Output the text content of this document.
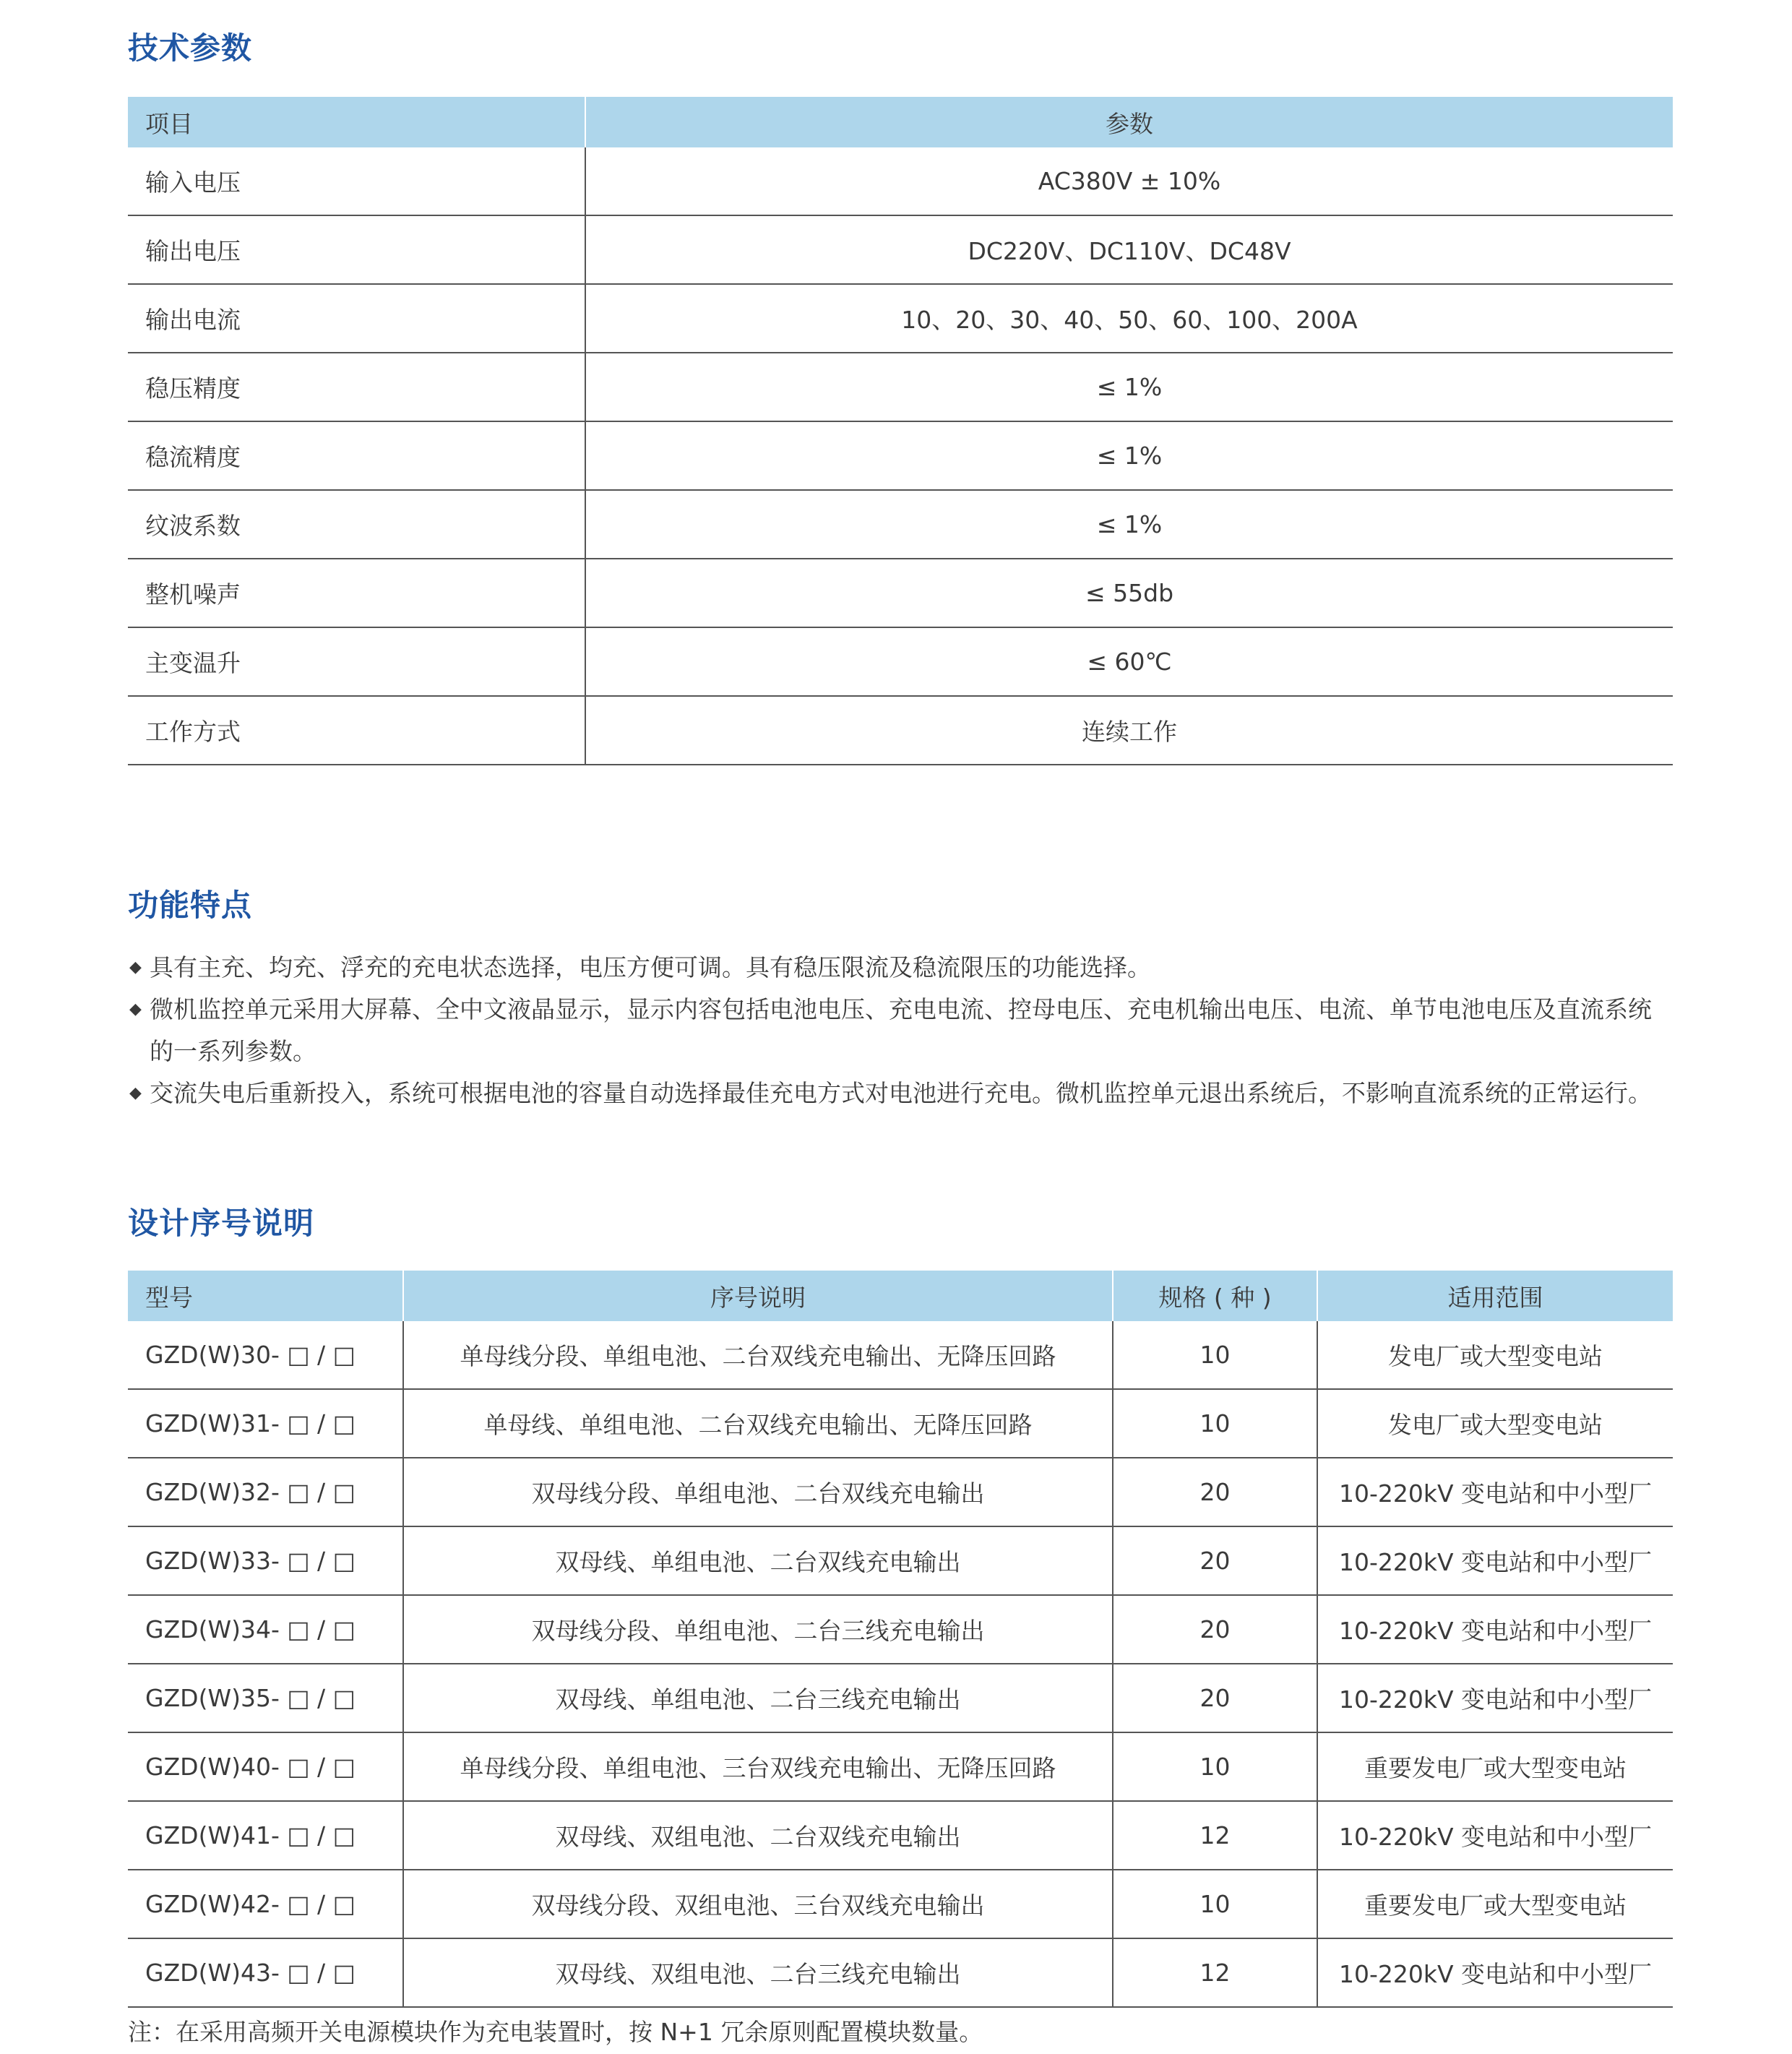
技术参数
项目	参数
输入电压	AC380V ± 10%
输出电压	DC220V、DC110V、DC48V
输出电流	10、20、30、40、50、60、100、200A
稳压精度	≤ 1%
稳流精度	≤ 1%
纹波系数	≤ 1%
整机噪声	≤ 55db
主变温升	≤ 60℃
工作方式	连续工作
功能特点
◆ 具有主充、均充、浮充的充电状态选择，电压方便可调。具有稳压限流及稳流限压的功能选择。
◆ 微机监控单元采用大屏幕、全中文液晶显示，显示内容包括电池电压、充电电流、控母电压、充电机输出电压、电流、单节电池电压及直流系统的一系列参数。
◆ 交流失电后重新投入，系统可根据电池的容量自动选择最佳充电方式对电池进行充电。微机监控单元退出系统后，不影响直流系统的正常运行。
设计序号说明
型号	序号说明	规格 ( 种 )	适用范围
GZD(W)30- □ / □	单母线分段、单组电池、二台双线充电输出、无降压回路	10	发电厂或大型变电站
GZD(W)31- □ / □	单母线、单组电池、二台双线充电输出、无降压回路	10	发电厂或大型变电站
GZD(W)32- □ / □	双母线分段、单组电池、二台双线充电输出	20	10-220kV 变电站和中小型厂
GZD(W)33- □ / □	双母线、单组电池、二台双线充电输出	20	10-220kV 变电站和中小型厂
GZD(W)34- □ / □	双母线分段、单组电池、二台三线充电输出	20	10-220kV 变电站和中小型厂
GZD(W)35- □ / □	双母线、单组电池、二台三线充电输出	20	10-220kV 变电站和中小型厂
GZD(W)40- □ / □	单母线分段、单组电池、三台双线充电输出、无降压回路	10	重要发电厂或大型变电站
GZD(W)41- □ / □	双母线、双组电池、二台双线充电输出	12	10-220kV 变电站和中小型厂
GZD(W)42- □ / □	双母线分段、双组电池、三台双线充电输出	10	重要发电厂或大型变电站
GZD(W)43- □ / □	双母线、双组电池、二台三线充电输出	12	10-220kV 变电站和中小型厂

注：在采用高频开关电源模块作为充电装置时，按 N+1 冗余原则配置模块数量。
